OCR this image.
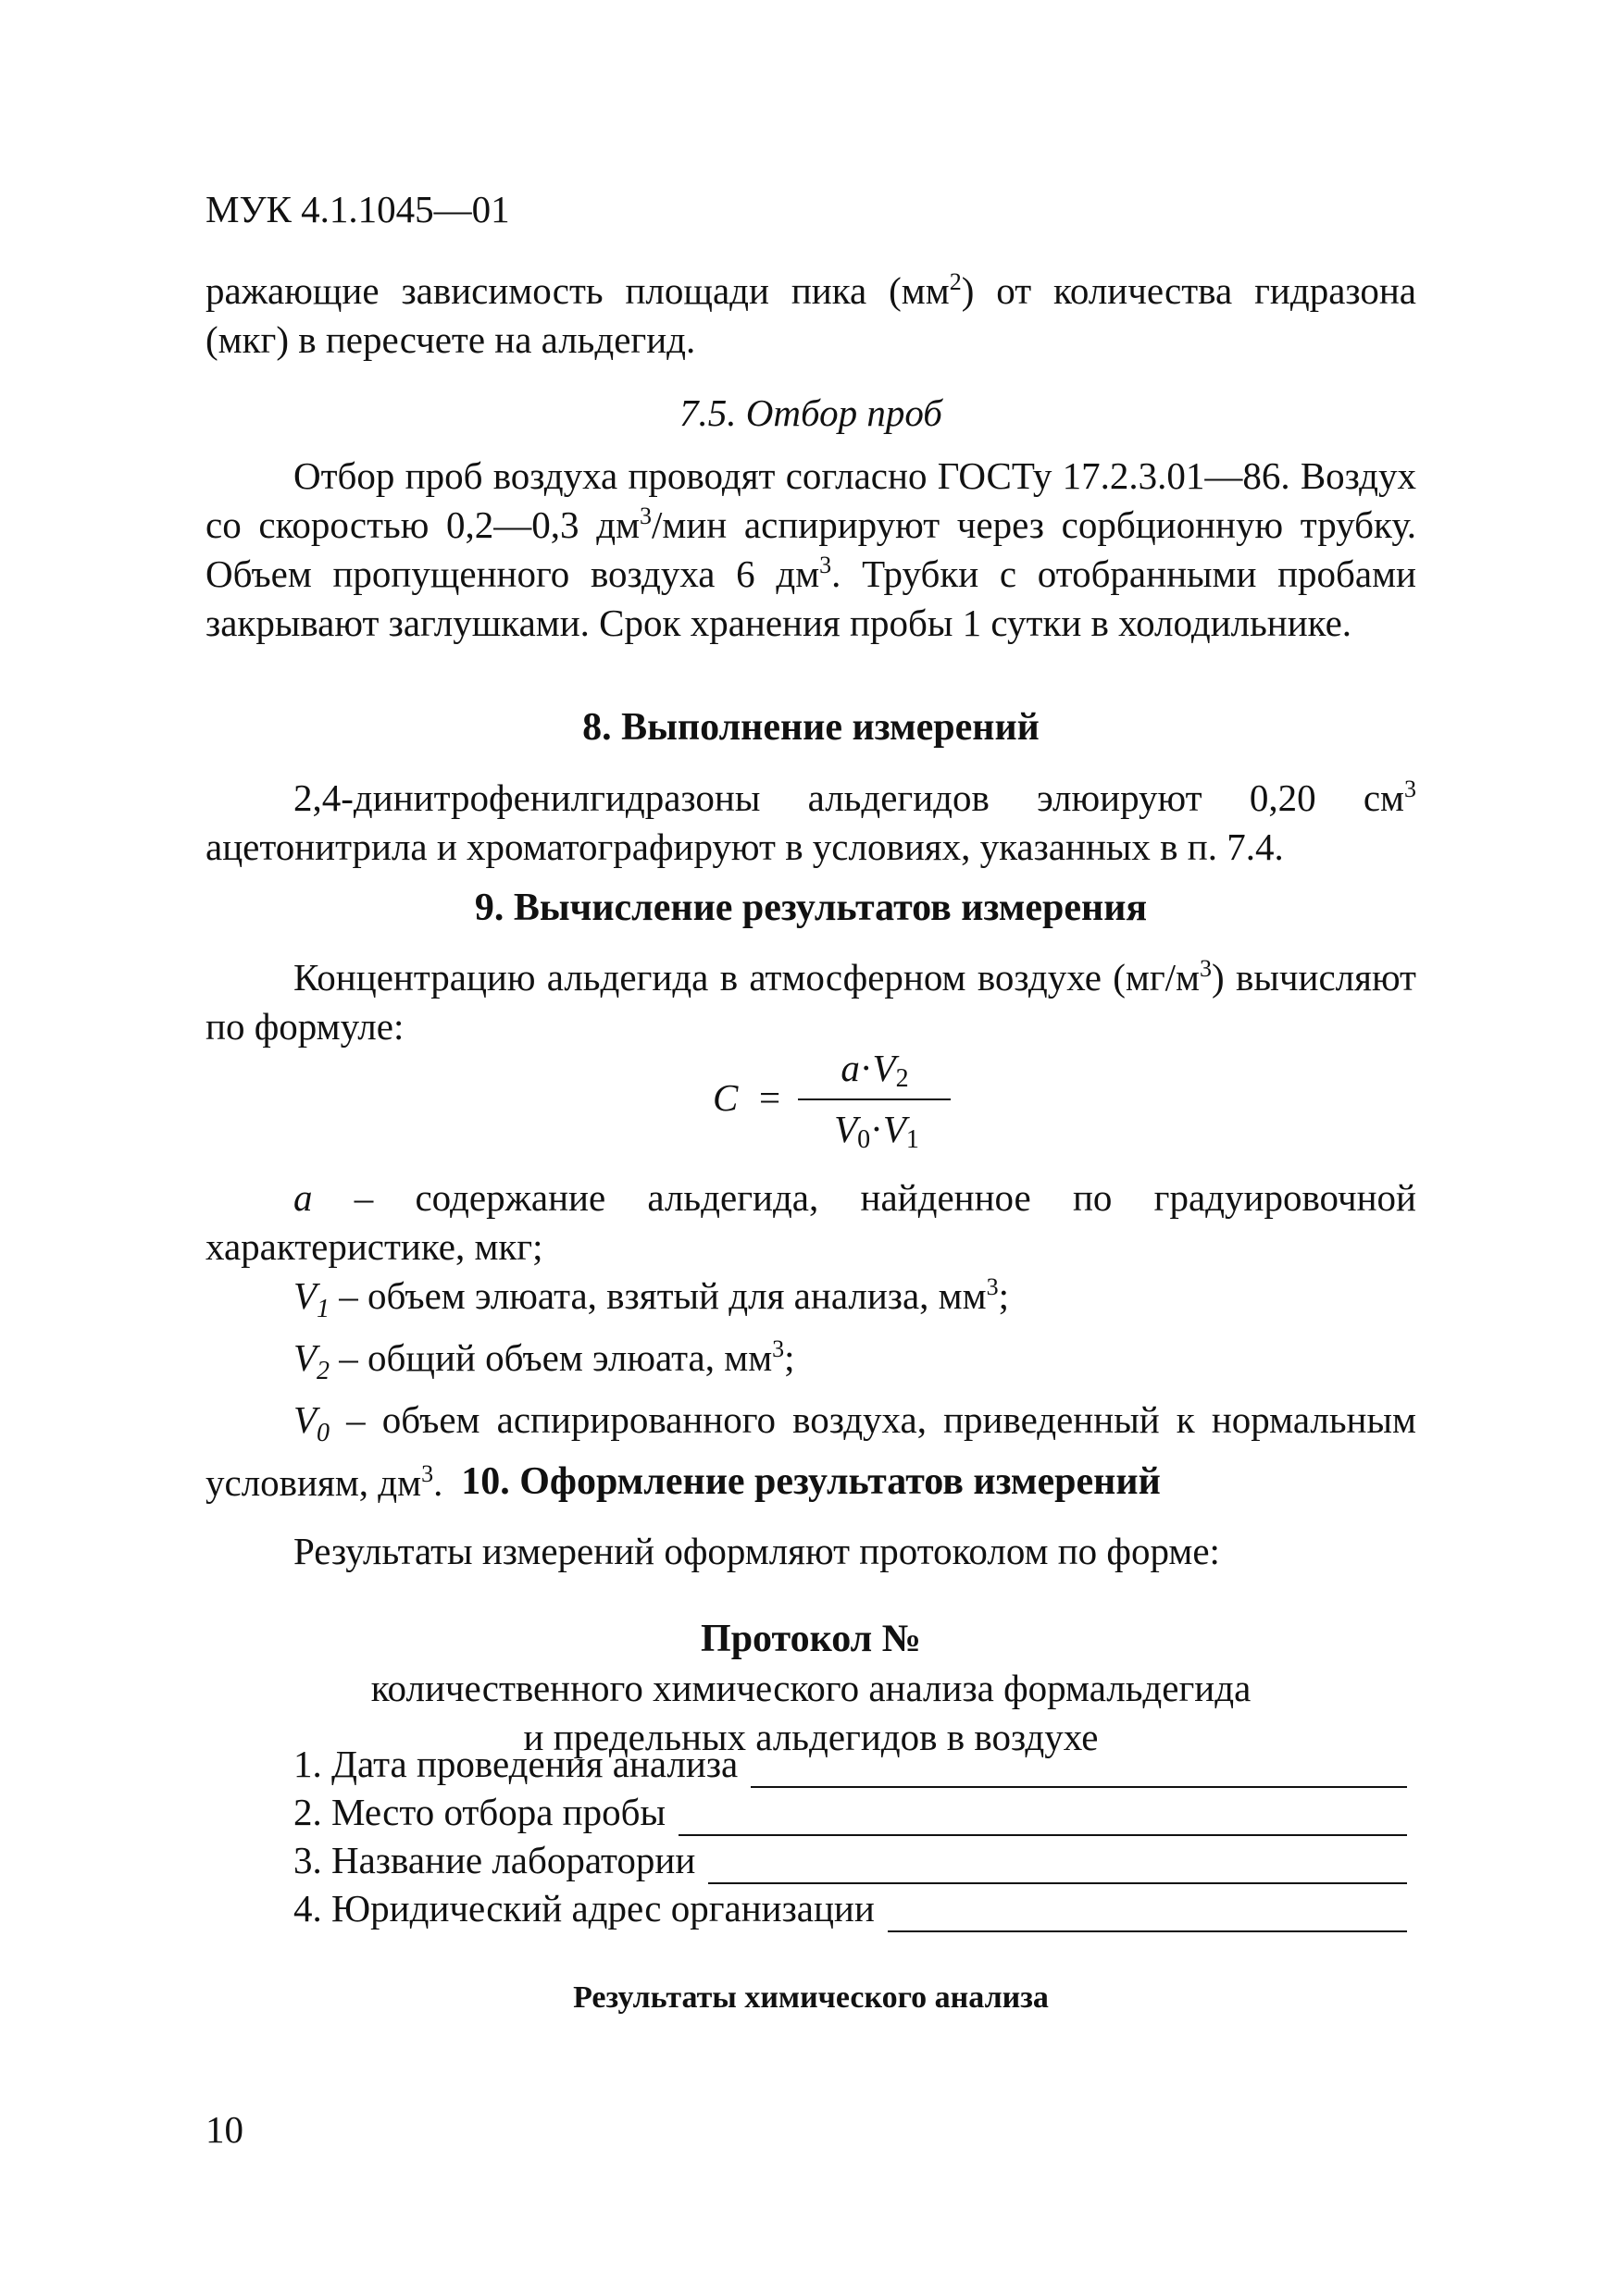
МУК 4.1.1045—01

ражающие зависимость площади пика $(мм^2)$ от количества гидразона (мкг) в пересчете на альдегид.

7.5. Отбор проб

Отбор проб воздуха проводят согласно ГОСТу 17.2.3.01—86. Воздух со скоростью 0,2—0,3 $дм^3$/мин аспирируют через сорбционную трубку. Объем пропущенного воздуха 6 $дм^3$. Трубки с отобранными пробами закрывают заглушками. Срок хранения пробы 1 сутки в холодильнике.

8. Выполнение измерений

2,4-динитрофенилгидразоны альдегидов элюируют 0,20 $см^3$ ацетонитрила и хроматографируют в условиях, указанных в п. 7.4.

9. Вычисление результатов измерения

Концентрацию альдегида в атмосферном воздухе $(мг/м^3)$ вычисляют по формуле:

C =
$a\cdot V_2$
$V_0\cdot V_1$

a – содержание альдегида, найденное по градуировочной характеристике, мкг;

$V_1$ – объем элюата, взятый для анализа, $мм^3$;

$V_2$ – общий объем элюата, $мм^3$;

$V_0$ – объем аспирированного воздуха, приведенный к нормальным условиям, $дм^3$. 10. Оформление результатов измерений

Результаты измерений оформляют протоколом по форме:

Протокол №

количественного химического анализа формальдегида

и предельных альдегидов в воздухе

1. Дата проведения анализа
2. Место отбора пробы
3. Название лаборатории
4. Юридический адрес организации
Результаты химического анализа
10
